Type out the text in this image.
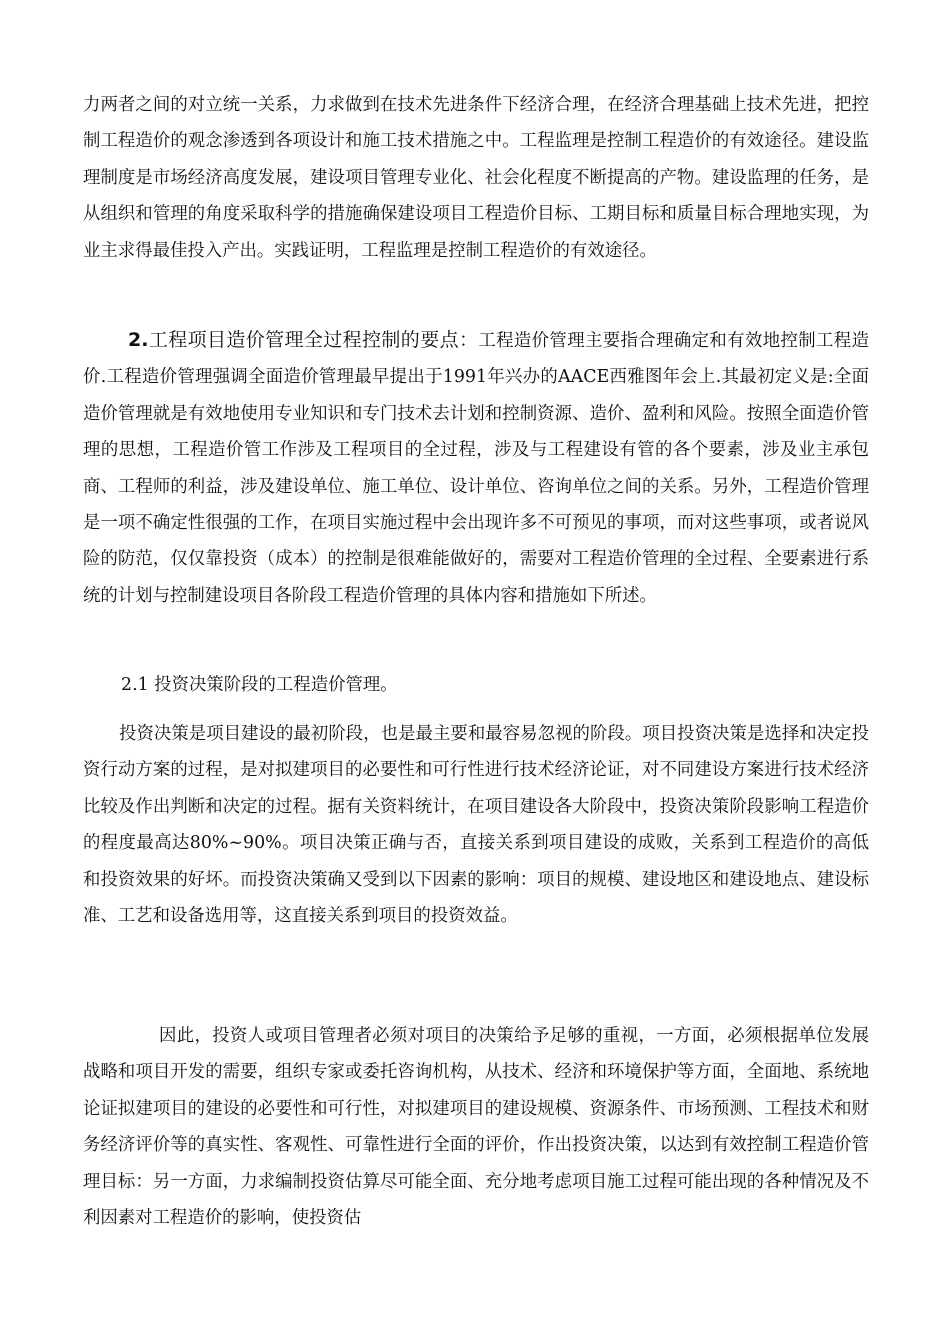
力两者之间的对立统一关系，力求做到在技术先进条件下经济合理，在经济合理基础上技术先进，把控制工程造价的观念渗透到各项设计和施工技术措施之中。工程监理是控制工程造价的有效途径。建设监理制度是市场经济高度发展，建设项目管理专业化、社会化程度不断提高的产物。建设监理的任务，是从组织和管理的角度采取科学的措施确保建设项目工程造价目标、工期目标和质量目标合理地实现，为业主求得最佳投入产出。实践证明，工程监理是控制工程造价的有效途径。

2.工程项目造价管理全过程控制的要点：工程造价管理主要指合理确定和有效地控制工程造价.工程造价管理强调全面造价管理最早提出于1991年兴办的AACE西雅图年会上.其最初定义是:全面造价管理就是有效地使用专业知识和专门技术去计划和控制资源、造价、盈利和风险。按照全面造价管理的思想，工程造价管工作涉及工程项目的全过程，涉及与工程建设有管的各个要素，涉及业主承包商、工程师的利益，涉及建设单位、施工单位、设计单位、咨询单位之间的关系。另外，工程造价管理是一项不确定性很强的工作，在项目实施过程中会出现许多不可预见的事项，而对这些事项，或者说风险的防范，仅仅靠投资（成本）的控制是很难能做好的，需要对工程造价管理的全过程、全要素进行系统的计划与控制建设项目各阶段工程造价管理的具体内容和措施如下所述。

2.1 投资决策阶段的工程造价管理。

投资决策是项目建设的最初阶段，也是最主要和最容易忽视的阶段。项目投资决策是选择和决定投资行动方案的过程，是对拟建项目的必要性和可行性进行技术经济论证，对不同建设方案进行技术经济比较及作出判断和决定的过程。据有关资料统计，在项目建设各大阶段中，投资决策阶段影响工程造价的程度最高达80%~90%。项目决策正确与否，直接关系到项目建设的成败，关系到工程造价的高低和投资效果的好坏。而投资决策确又受到以下因素的影响：项目的规模、建设地区和建设地点、建设标准、工艺和设备选用等，这直接关系到项目的投资效益。

因此，投资人或项目管理者必须对项目的决策给予足够的重视，一方面，必须根据单位发展战略和项目开发的需要，组织专家或委托咨询机构，从技术、经济和环境保护等方面，全面地、系统地论证拟建项目的建设的必要性和可行性，对拟建项目的建设规模、资源条件、市场预测、工程技术和财务经济评价等的真实性、客观性、可靠性进行全面的评价，作出投资决策，以达到有效控制工程造价管理目标：另一方面，力求编制投资估算尽可能全面、充分地考虑项目施工过程可能出现的各种情况及不利因素对工程造价的影响，使投资估
